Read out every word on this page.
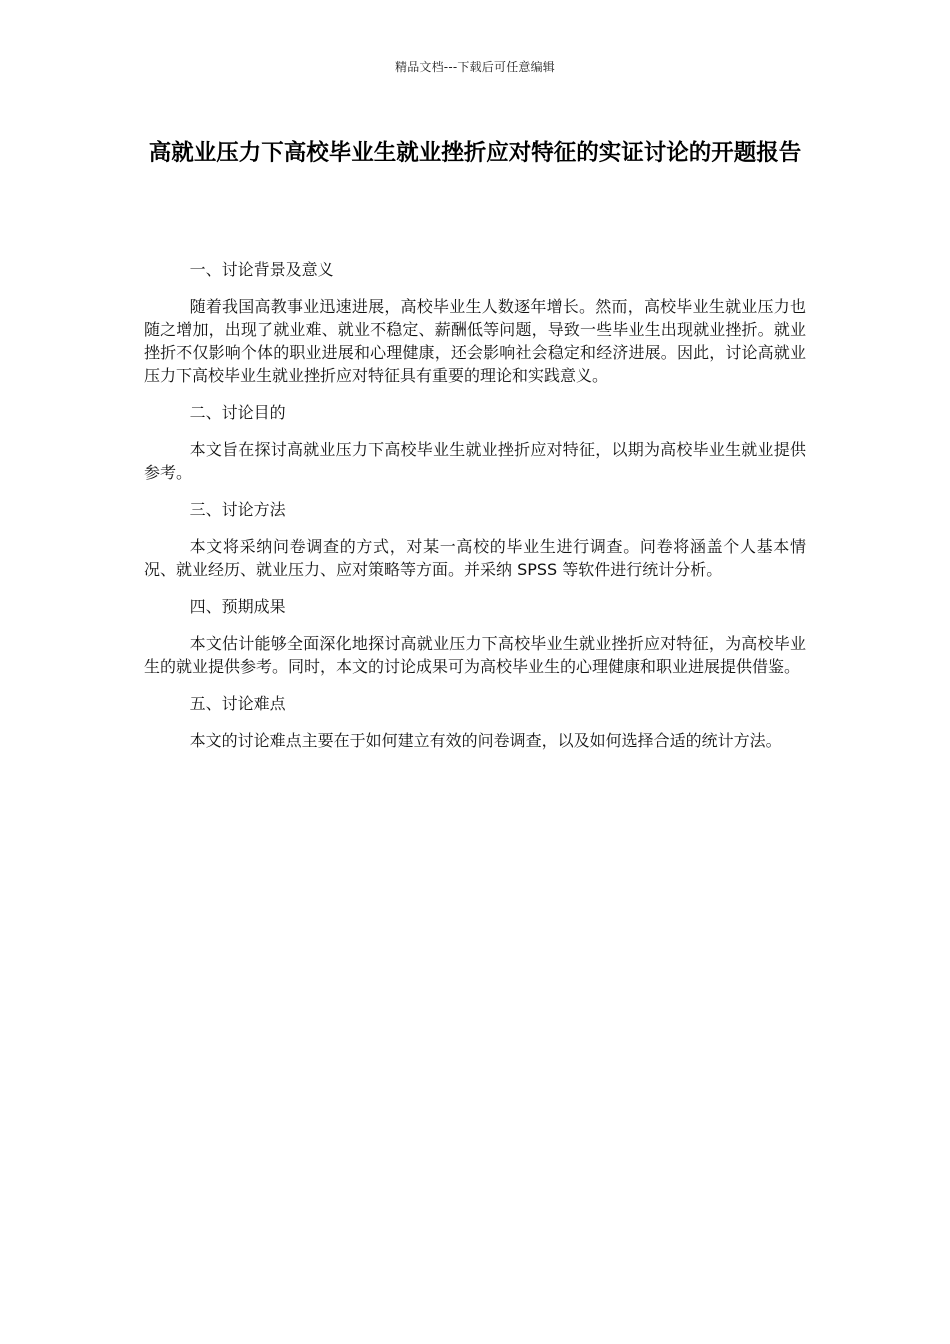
精品文档---下载后可任意编辑
高就业压力下高校毕业生就业挫折应对特征的实证讨论的开题报告

一、讨论背景及意义

随着我国高教事业迅速进展，高校毕业生人数逐年增长。然而，高校毕业生就业压力也随之增加，出现了就业难、就业不稳定、薪酬低等问题，导致一些毕业生出现就业挫折。就业挫折不仅影响个体的职业进展和心理健康，还会影响社会稳定和经济进展。因此，讨论高就业压力下高校毕业生就业挫折应对特征具有重要的理论和实践意义。

二、讨论目的

本文旨在探讨高就业压力下高校毕业生就业挫折应对特征，以期为高校毕业生就业提供参考。

三、讨论方法

本文将采纳问卷调查的方式，对某一高校的毕业生进行调查。问卷将涵盖个人基本情况、就业经历、就业压力、应对策略等方面。并采纳 SPSS 等软件进行统计分析。

四、预期成果

本文估计能够全面深化地探讨高就业压力下高校毕业生就业挫折应对特征，为高校毕业生的就业提供参考。同时，本文的讨论成果可为高校毕业生的心理健康和职业进展提供借鉴。

五、讨论难点

本文的讨论难点主要在于如何建立有效的问卷调查，以及如何选择合适的统计方法。
